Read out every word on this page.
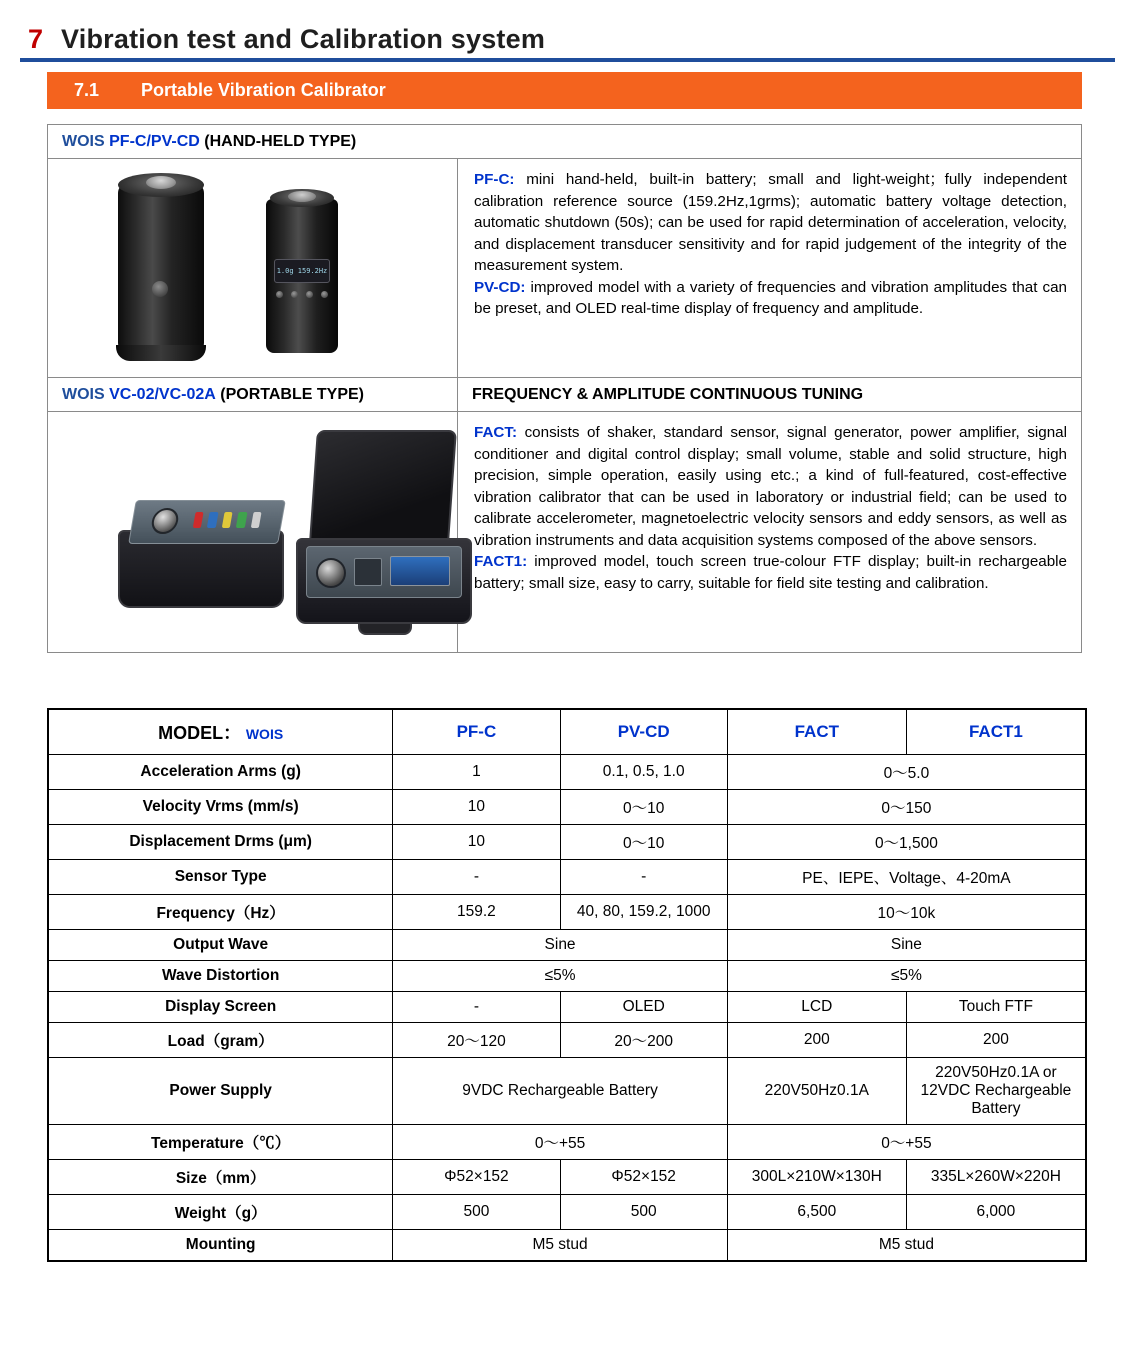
7 Vibration test and Calibration system
7.1 Portable Vibration Calibrator
WOIS PF-C/PV-CD (HAND-HELD TYPE)	

1.0g 159.2Hz	PF-C: mini hand-held, built-in battery; small and light-weight；fully independent calibration reference source (159.2Hz,1grms); automatic battery voltage detection, automatic shutdown (50s); can be used for rapid determination of acceleration, velocity, and displacement transducer sensitivity and for rapid judgement of the integrity of the measurement system.

PV-CD: improved model with a variety of frequencies and vibration amplitudes that can be preset, and OLED real-time display of frequency and amplitude.

WOIS VC-02/VC-02A (PORTABLE TYPE)	FREQUENCY & AMPLITUDE CONTINUOUS TUNING

	FACT: consists of shaker, standard sensor, signal generator, power amplifier, signal conditioner and digital control display; small volume, stable and solid structure, high precision, simple operation, easily using etc.; a kind of full-featured, cost-effective vibration calibrator that can be used in laboratory or industrial field; can be used to calibrate accelerometer, magnetoelectric velocity sensors and eddy sensors, as well as vibration instruments and data acquisition systems composed of the above sensors.

FACT1: improved model, touch screen true-colour FTF display; built-in rechargeable battery; small size, easy to carry, suitable for field site testing and calibration.

MODEL： WOIS	PF-C	PV-CD	FACT	FACT1
Acceleration Arms (g)	1	0.1, 0.5, 1.0	0～5.0	
Velocity Vrms (mm/s)	10	0～10	0～150	
Displacement Drms (μm)	10	0～10	0～1,500	
Sensor Type	-	-	PE、IEPE、Voltage、4-20mA	
Frequency（Hz）	159.2	40, 80, 159.2, 1000	10～10k	
Output Wave	Sine		Sine	
Wave Distortion	≤5%		≤5%	
Display Screen	-	OLED	LCD	Touch FTF
Load（gram）	20～120	20～200	200	200
Power Supply	9VDC Rechargeable Battery		220V50Hz0.1A	220V50Hz0.1A or 12VDC Rechargeable Battery
Temperature（℃）	0～+55		0～+55	
Size（mm）	Φ52×152	Φ52×152	300L×210W×130H	335L×260W×220H
Weight（g）	500	500	6,500	6,000
Mounting	M5 stud		M5 stud	
